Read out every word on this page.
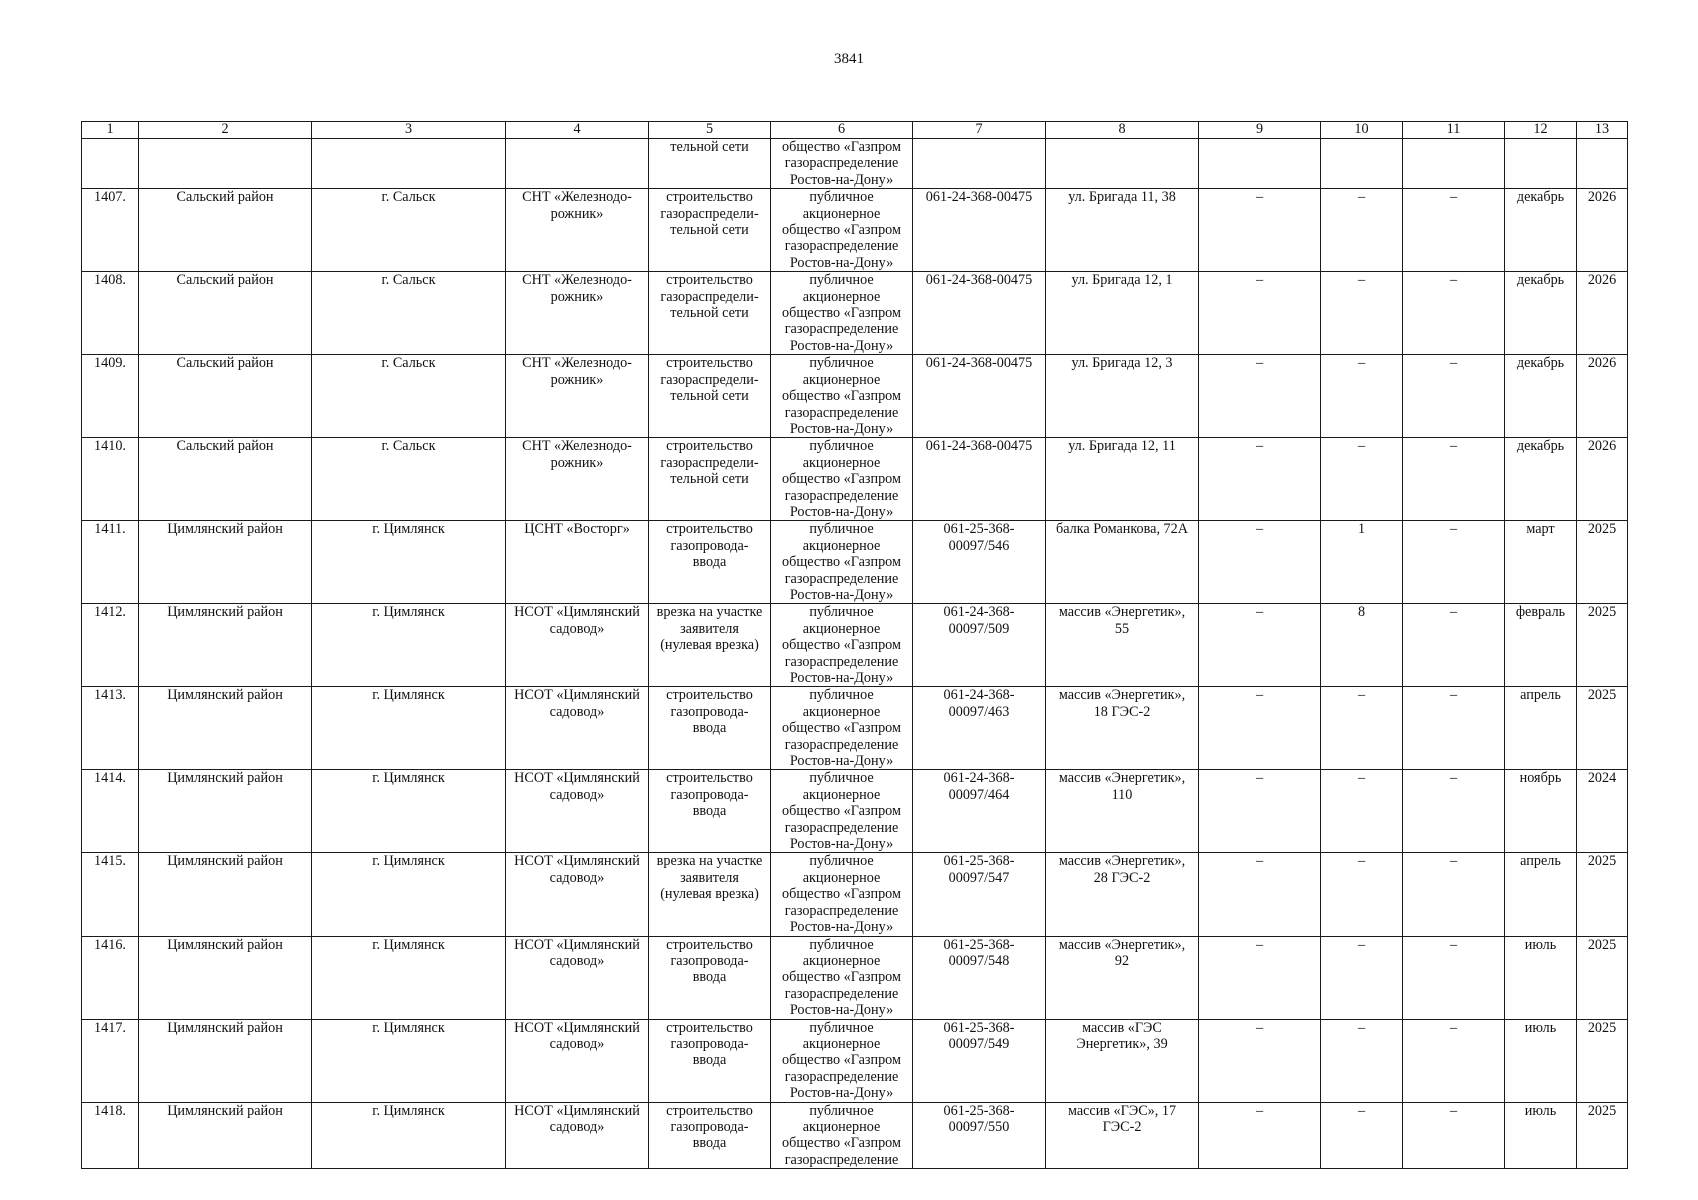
3841
1	2	3	4	5	6	7	8	9	10	11	12	13

				тельной сети	общество «Газпром
газораспределение
Ростов-на-Дону»							

1407.	Сальский район	г. Сальск	СНТ «Железнодо-
рожник»	строительство
газораспредели-
тельной сети	публичное
акционерное
общество «Газпром
газораспределение
Ростов-на-Дону»	061-24-368-00475	ул. Бригада 11, 38	–	–	–	декабрь	2026

1408.	Сальский район	г. Сальск	СНТ «Железнодо-
рожник»	строительство
газораспредели-
тельной сети	публичное
акционерное
общество «Газпром
газораспределение
Ростов-на-Дону»	061-24-368-00475	ул. Бригада 12, 1	–	–	–	декабрь	2026

1409.	Сальский район	г. Сальск	СНТ «Железнодо-
рожник»	строительство
газораспредели-
тельной сети	публичное
акционерное
общество «Газпром
газораспределение
Ростов-на-Дону»	061-24-368-00475	ул. Бригада 12, 3	–	–	–	декабрь	2026

1410.	Сальский район	г. Сальск	СНТ «Железнодо-
рожник»	строительство
газораспредели-
тельной сети	публичное
акционерное
общество «Газпром
газораспределение
Ростов-на-Дону»	061-24-368-00475	ул. Бригада 12, 11	–	–	–	декабрь	2026

1411.	Цимлянский район	г. Цимлянск	ЦСНТ «Восторг»	строительство
газопровода-
ввода	публичное
акционерное
общество «Газпром
газораспределение
Ростов-на-Дону»	061-25-368-
00097/546	балка Романкова, 72А	–	1	–	март	2025

1412.	Цимлянский район	г. Цимлянск	НСОТ «Цимлянский
садовод»	врезка на участке
заявителя
(нулевая врезка)	публичное
акционерное
общество «Газпром
газораспределение
Ростов-на-Дону»	061-24-368-
00097/509	массив «Энергетик»,
55	–	8	–	февраль	2025

1413.	Цимлянский район	г. Цимлянск	НСОТ «Цимлянский
садовод»	строительство
газопровода-
ввода	публичное
акционерное
общество «Газпром
газораспределение
Ростов-на-Дону»	061-24-368-
00097/463	массив «Энергетик»,
18 ГЭС-2	–	–	–	апрель	2025

1414.	Цимлянский район	г. Цимлянск	НСОТ «Цимлянский
садовод»	строительство
газопровода-
ввода	публичное
акционерное
общество «Газпром
газораспределение
Ростов-на-Дону»	061-24-368-
00097/464	массив «Энергетик»,
110	–	–	–	ноябрь	2024

1415.	Цимлянский район	г. Цимлянск	НСОТ «Цимлянский
садовод»	врезка на участке
заявителя
(нулевая врезка)	публичное
акционерное
общество «Газпром
газораспределение
Ростов-на-Дону»	061-25-368-
00097/547	массив «Энергетик»,
28 ГЭС-2	–	–	–	апрель	2025

1416.	Цимлянский район	г. Цимлянск	НСОТ «Цимлянский
садовод»	строительство
газопровода-
ввода	публичное
акционерное
общество «Газпром
газораспределение
Ростов-на-Дону»	061-25-368-
00097/548	массив «Энергетик»,
92	–	–	–	июль	2025

1417.	Цимлянский район	г. Цимлянск	НСОТ «Цимлянский
садовод»	строительство
газопровода-
ввода	публичное
акционерное
общество «Газпром
газораспределение
Ростов-на-Дону»	061-25-368-
00097/549	массив «ГЭС
Энергетик», 39	–	–	–	июль	2025

1418.	Цимлянский район	г. Цимлянск	НСОТ «Цимлянский
садовод»	строительство
газопровода-
ввода	публичное
акционерное
общество «Газпром
газораспределение	061-25-368-
00097/550	массив «ГЭС», 17
ГЭС-2	–	–	–	июль	2025
